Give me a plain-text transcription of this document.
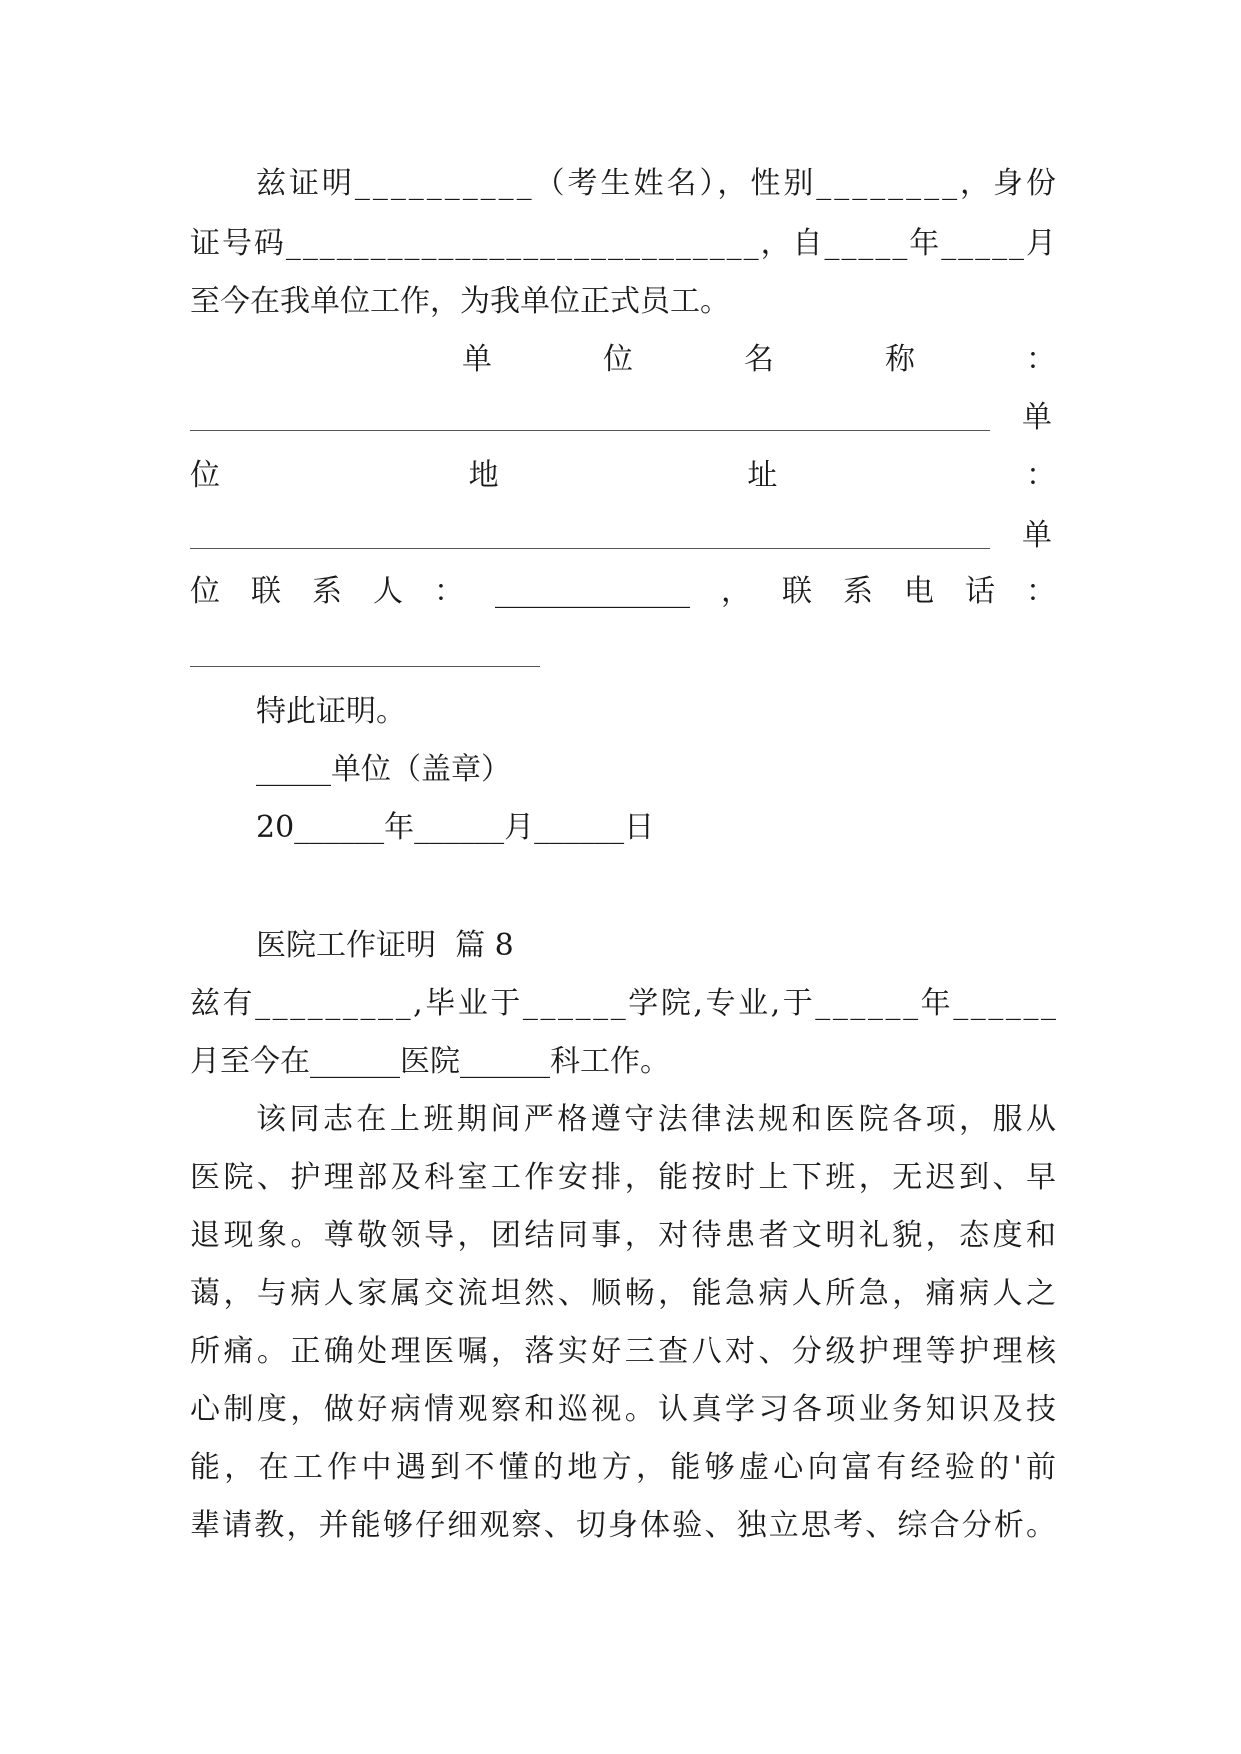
兹证明__________（考生姓名），性别________，身份
证号码____________________________，自_____年_____月

至今在我单位工作，为我单位正式员工。

单	位	名	称	：

单

位	地	址	：

单

位 联 系 人 ： _____________ ， 联 系 电 话 ：

特此证明。

_____单位（盖章）

20______年______月______日

医院工作证明  篇 8

兹有_________,毕业于______学院,专业,于______年______

月至今在______医院______科工作。

该同志在上班期间严格遵守法律法规和医院各项，服从
医院、护理部及科室工作安排，能按时上下班，无迟到、早
退现象。尊敬领导，团结同事，对待患者文明礼貌，态度和
蔼，与病人家属交流坦然、顺畅，能急病人所急，痛病人之
所痛。正确处理医嘱，落实好三查八对、分级护理等护理核
心制度，做好病情观察和巡视。认真学习各项业务知识及技
能，在工作中遇到不懂的地方，能够虚心向富有经验的'前
辈请教，并能够仔细观察、切身体验、独立思考、综合分析。
